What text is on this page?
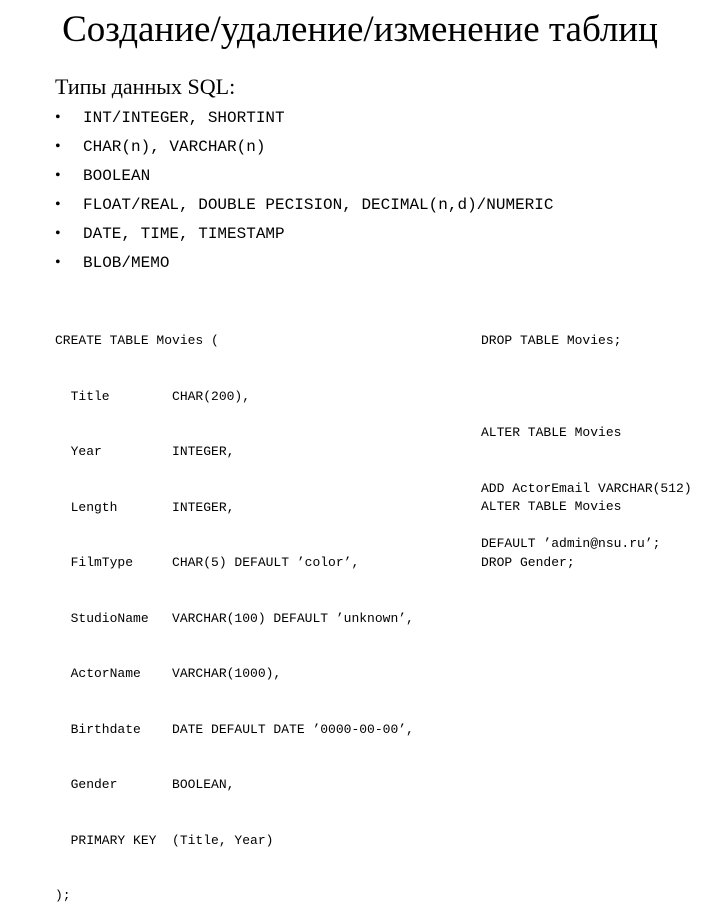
Создание/удаление/изменение таблиц
Типы данных SQL:
• INT/INTEGER, SHORTINT
• CHAR(n), VARCHAR(n)
• BOOLEAN
• FLOAT/REAL, DOUBLE PECISION, DECIMAL(n,d)/NUMERIC
• DATE, TIME, TIMESTAMP
• BLOB/MEMO

CREATE TABLE Movies (

Title        CHAR(200),

Year         INTEGER,

Length       INTEGER,

FilmType     CHAR(5) DEFAULT ’color’,

StudioName   VARCHAR(100) DEFAULT ’unknown’,

ActorName    VARCHAR(1000),

Birthdate    DATE DEFAULT DATE ’0000-00-00’,

Gender       BOOLEAN,

PRIMARY KEY  (Title, Year)

);

DROP TABLE Movies;

ALTER TABLE Movies

ADD ActorEmail VARCHAR(512)

DEFAULT ’admin@nsu.ru’;

ALTER TABLE Movies

DROP Gender;
